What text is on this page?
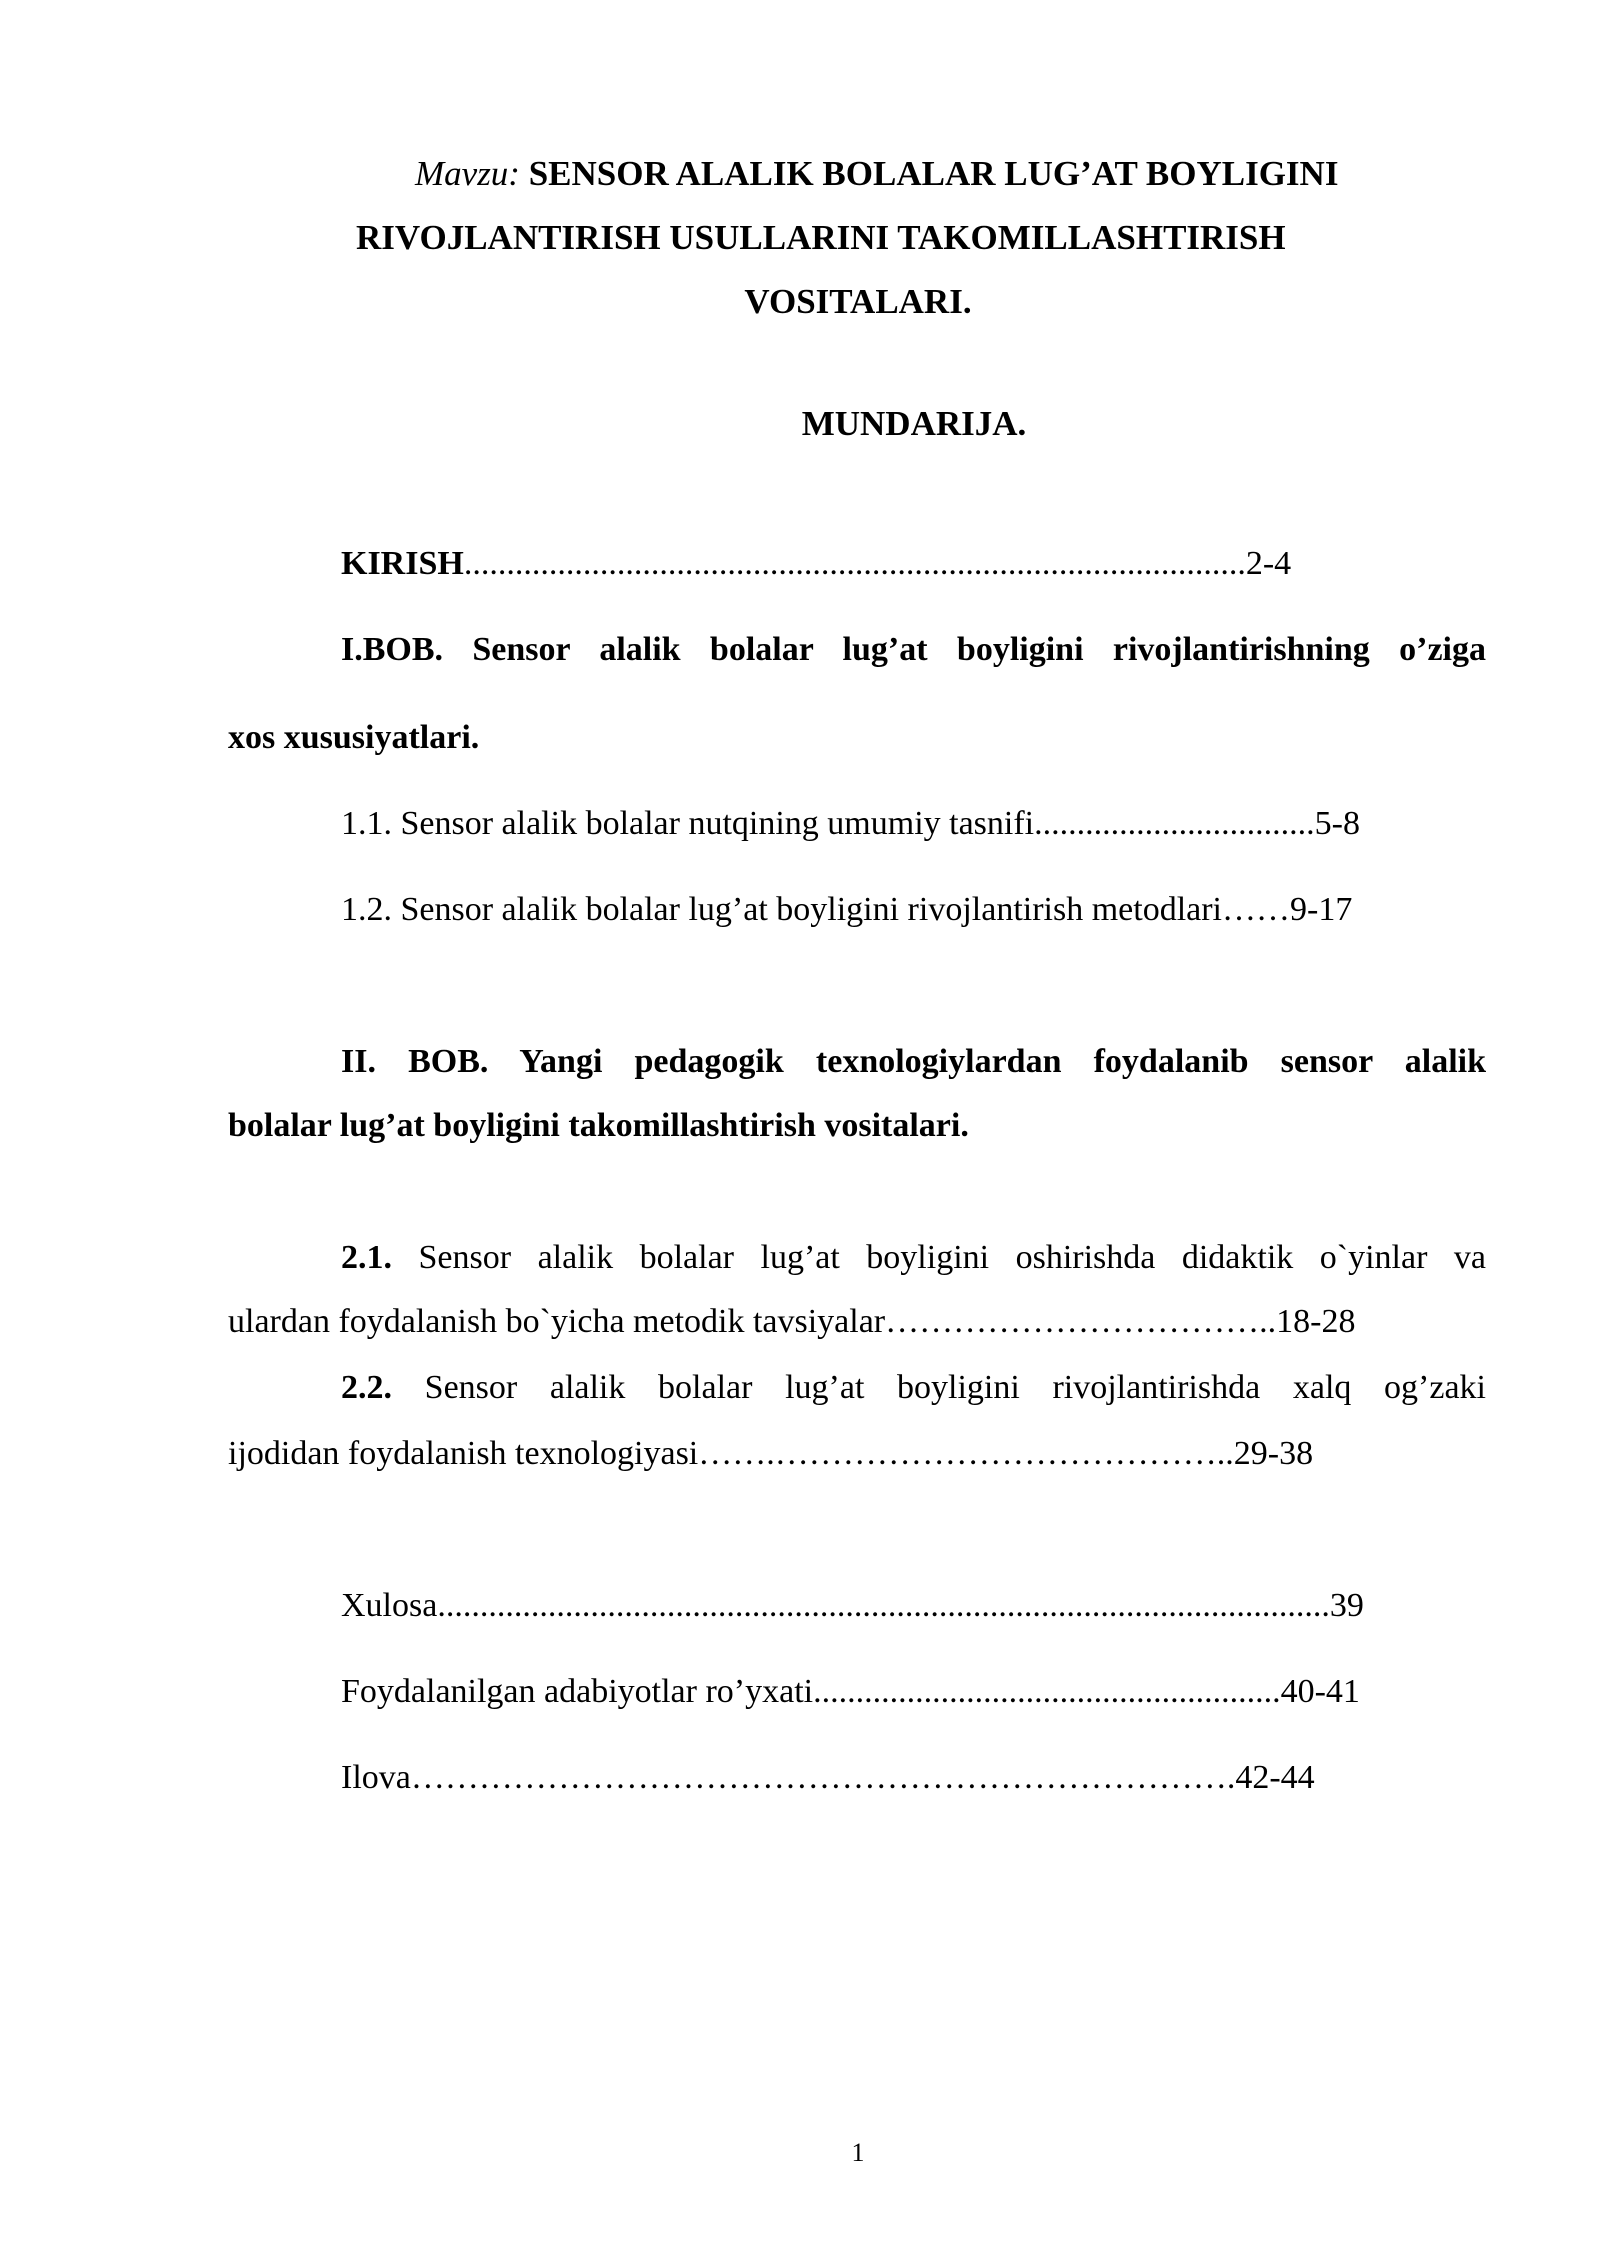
Mavzu: SENSOR ALALIK BOLALAR LUG’AT BOYLIGINI
RIVOJLANTIRISH USULLARINI TAKOMILLASHTIRISH
VOSITALARI.
MUNDARIJA.
KIRISH............................................................................................2-4
I.BOB. Sensor alalik bolalar lug’at boyligini rivojlantirishning o’ziga
xos xususiyatlari.
1.1. Sensor alalik bolalar nutqining umumiy tasnifi.................................5-8
1.2. Sensor alalik bolalar lug’at boyligini rivojlantirish metodlari……9-17
II. BOB. Yangi pedagogik texnologiylardan foydalanib sensor alalik
bolalar lug’at boyligini takomillashtirish vositalari.
2.1. Sensor alalik bolalar lug’at boyligini oshirishda didaktik o`yinlar va
ulardan foydalanish bo`yicha metodik tavsiyalar……………………………..18-28
2.2. Sensor alalik bolalar lug’at boyligini rivojlantirishda xalq og’zaki
ijodidan foydalanish texnologiyasi…….…………………………………..29-38
Xulosa.........................................................................................................39
Foydalanilgan adabiyotlar ro’yxati.......................................................40-41
Ilova……………………………………………………………….42-44
1
